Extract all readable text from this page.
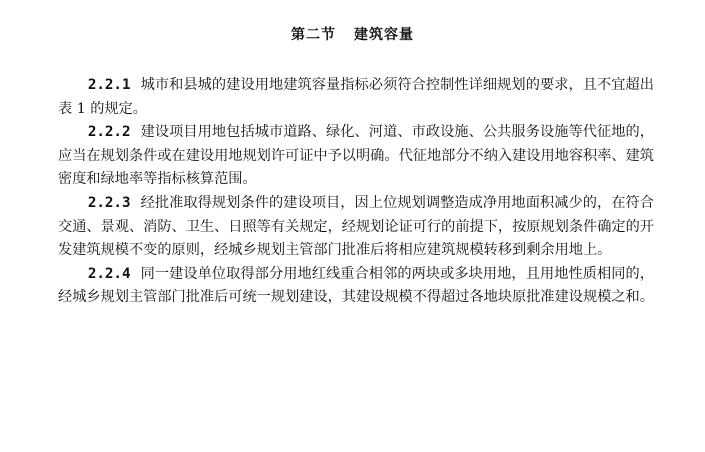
第二节 建筑容量

2.2.1 城市和县城的建设用地建筑容量指标必须符合控制性详细规划的要求，且不宜超出表 1 的规定。

2.2.2 建设项目用地包括城市道路、绿化、河道、市政设施、公共服务设施等代征地的，应当在规划条件或在建设用地规划许可证中予以明确。代征地部分不纳入建设用地容积率、建筑密度和绿地率等指标核算范围。

2.2.3 经批准取得规划条件的建设项目，因上位规划调整造成净用地面积减少的，在符合交通、景观、消防、卫生、日照等有关规定，经规划论证可行的前提下，按原规划条件确定的开发建筑规模不变的原则，经城乡规划主管部门批准后将相应建筑规模转移到剩余用地上。

2.2.4 同一建设单位取得部分用地红线重合相邻的两块或多块用地，且用地性质相同的，经城乡规划主管部门批准后可统一规划建设，其建设规模不得超过各地块原批准建设规模之和。
